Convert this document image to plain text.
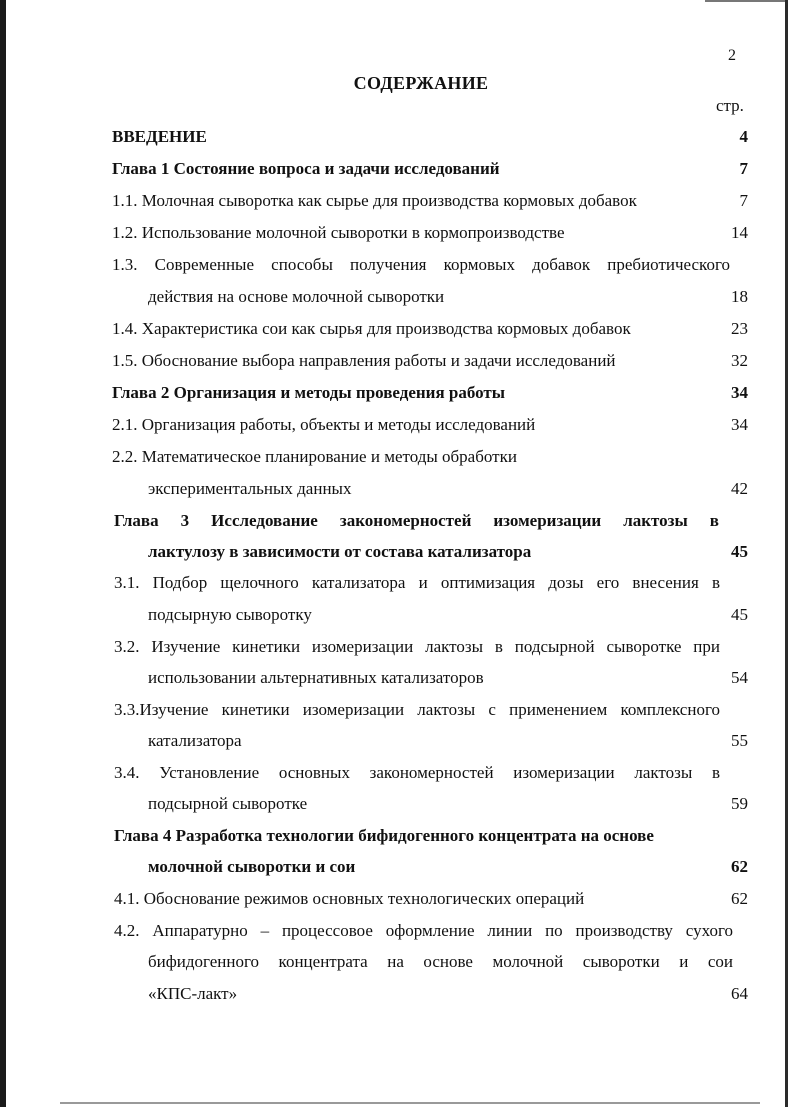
2
СОДЕРЖАНИЕ
стр.
ВВЕДЕНИЕ	4
Глава 1 Состояние вопроса и задачи исследований	7
1.1. Молочная сыворотка как сырье для производства кормовых добавок	7
1.2. Использование молочной сыворотки в кормопроизводстве	14
1.3. Современные способы получения кормовых добавок пребиотического
действия на основе молочной сыворотки	18
1.4. Характеристика сои как сырья для производства кормовых добавок	23
1.5. Обоснование выбора направления работы и задачи исследований	32
Глава 2 Организация и методы проведения работы	34
2.1. Организация работы, объекты и методы исследований	34
2.2. Математическое планирование и методы обработки
экспериментальных данных	42
Глава 3 Исследование закономерностей изомеризации лактозы в
лактулозу в зависимости от состава катализатора	45
3.1. Подбор щелочного катализатора и оптимизация дозы его внесения в
подсырную сыворотку	45
3.2. Изучение кинетики изомеризации лактозы в подсырной сыворотке при
использовании альтернативных катализаторов	54
3.3.Изучение кинетики изомеризации лактозы с применением комплексного
катализатора	55
3.4. Установление основных закономерностей изомеризации лактозы в
подсырной сыворотке	59
Глава 4 Разработка технологии бифидогенного концентрата на основе
молочной сыворотки и сои	62
4.1. Обоснование режимов основных технологических операций	62
4.2. Аппаратурно – процессовое оформление линии по производству сухого
бифидогенного концентрата на основе молочной сыворотки и сои
«КПС-лакт»	64
